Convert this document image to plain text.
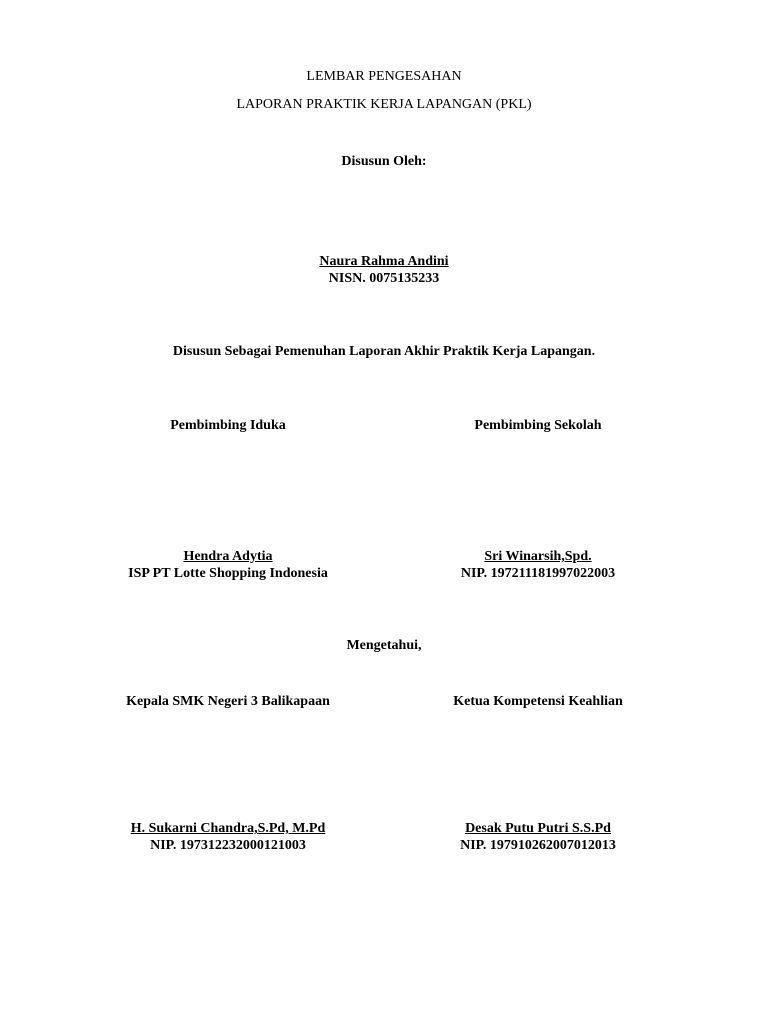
LEMBAR PENGESAHAN
LAPORAN PRAKTIK KERJA LAPANGAN (PKL)
Disusun Oleh:
Naura Rahma Andini
NISN. 0075135233
Disusun Sebagai Pemenuhan Laporan Akhir Praktik Kerja Lapangan.
Pembimbing Iduka	Pembimbing Sekolah
Hendra Adytia
ISP PT Lotte Shopping Indonesia
Sri Winarsih,Spd.
NIP. 197211181997022003
Mengetahui,
Kepala SMK Negeri 3 Balikapaan	Ketua Kompetensi Keahlian
H. Sukarni Chandra,S.Pd, M.Pd
NIP. 197312232000121003
Desak Putu Putri S.S.Pd
NIP. 197910262007012013
